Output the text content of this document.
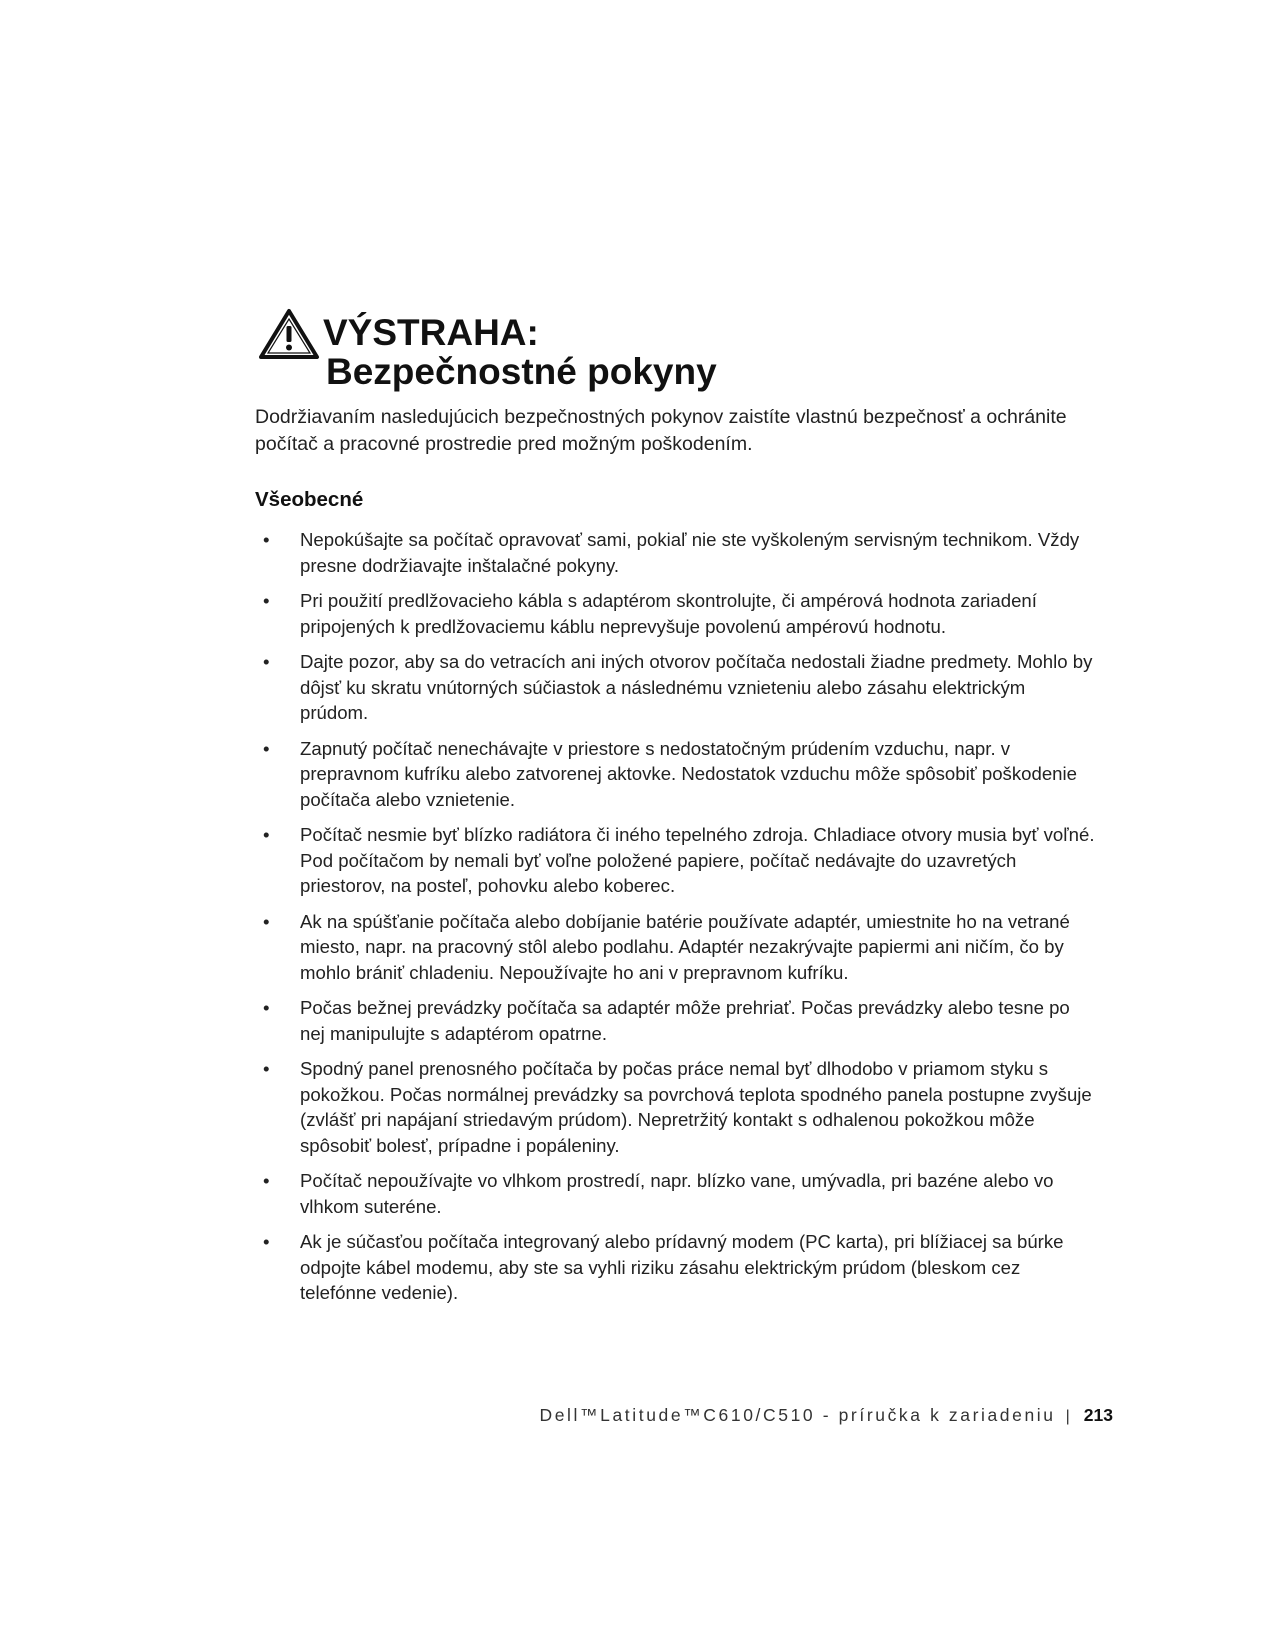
VÝSTRAHA:
Bezpečnostné pokyny
Dodržiavaním nasledujúcich bezpečnostných pokynov zaistíte vlastnú bezpečnosť a ochránite počítač a pracovné prostredie pred možným poškodením.
Všeobecné
• Nepokúšajte sa počítač opravovať sami, pokiaľ nie ste vyškoleným servisným technikom. Vždy presne dodržiavajte inštalačné pokyny.
• Pri použití predlžovacieho kábla s adaptérom skontrolujte, či ampérová hodnota zariadení pripojených k predlžovaciemu káblu neprevyšuje povolenú ampérovú hodnotu.
• Dajte pozor, aby sa do vetracích ani iných otvorov počítača nedostali žiadne predmety. Mohlo by dôjsť ku skratu vnútorných súčiastok a následnému vznieteniu alebo zásahu elektrickým prúdom.
• Zapnutý počítač nenechávajte v priestore s nedostatočným prúdením vzduchu, napr. v prepravnom kufríku alebo zatvorenej aktovke. Nedostatok vzduchu môže spôsobiť poškodenie počítača alebo vznietenie.
• Počítač nesmie byť blízko radiátora či iného tepelného zdroja. Chladiace otvory musia byť voľné. Pod počítačom by nemali byť voľne položené papiere, počítač nedávajte do uzavretých priestorov, na posteľ, pohovku alebo koberec.
• Ak na spúšťanie počítača alebo dobíjanie batérie používate adaptér, umiestnite ho na vetrané miesto, napr. na pracovný stôl alebo podlahu. Adaptér nezakrývajte papiermi ani ničím, čo by mohlo brániť chladeniu. Nepoužívajte ho ani v prepravnom kufríku.
• Počas bežnej prevádzky počítača sa adaptér môže prehriať. Počas prevádzky alebo tesne po nej manipulujte s adaptérom opatrne.
• Spodný panel prenosného počítača by počas práce nemal byť dlhodobo v priamom styku s pokožkou. Počas normálnej prevádzky sa povrchová teplota spodného panela postupne zvyšuje (zvlášť pri napájaní striedavým prúdom). Nepretržitý kontakt s odhalenou pokožkou môže spôsobiť bolesť, prípadne i popáleniny.
• Počítač nepoužívajte vo vlhkom prostredí, napr. blízko vane, umývadla, pri bazéne alebo vo vlhkom suteréne.
• Ak je súčasťou počítača integrovaný alebo prídavný modem (PC karta), pri blížiacej sa búrke odpojte kábel modemu, aby ste sa vyhli riziku zásahu elektrickým prúdom (bleskom cez telefónne vedenie).
Dell™Latitude™C610/C510 - príručka k zariadeniu | 213
